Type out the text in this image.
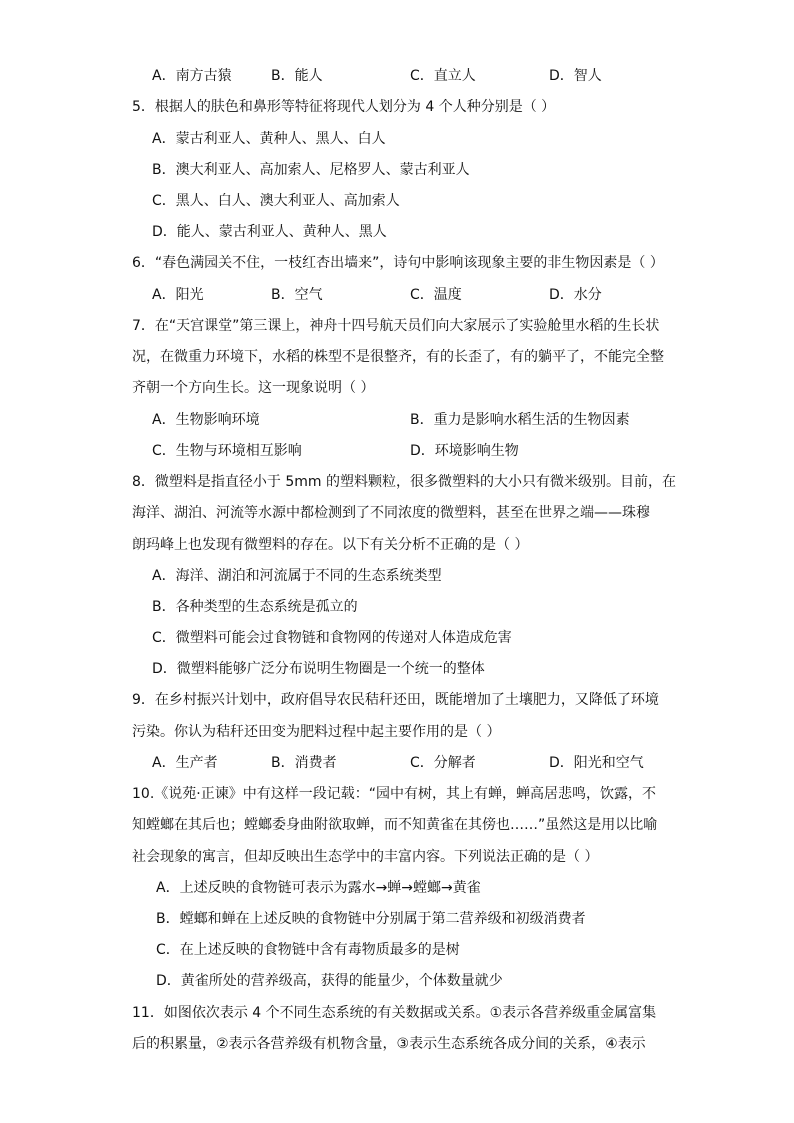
A．南方古猿	B．能人	C．直立人	D．智人
5．根据人的肤色和鼻形等特征将现代人划分为 4 个人种分别是（ ）
A．蒙古利亚人、黄种人、黑人、白人
B．澳大利亚人、高加索人、尼格罗人、蒙古利亚人
C．黑人、白人、澳大利亚人、高加索人
D．能人、蒙古利亚人、黄种人、黑人
6．“春色满园关不住，一枝红杏出墙来”，诗句中影响该现象主要的非生物因素是（ ）
A．阳光	B．空气	C．温度	D．水分
7．在“天宫课堂”第三课上，神舟十四号航天员们向大家展示了实验舱里水稻的生长状
况，在微重力环境下，水稻的株型不是很整齐，有的长歪了，有的躺平了，不能完全整
齐朝一个方向生长。这一现象说明（ ）
A．生物影响环境	B．重力是影响水稻生活的生物因素
C．生物与环境相互影响	D．环境影响生物
8．微塑料是指直径小于 5mm 的塑料颗粒，很多微塑料的大小只有微米级别。目前，在
海洋、湖泊、河流等水源中都检测到了不同浓度的微塑料，甚至在世界之端——珠穆
朗玛峰上也发现有微塑料的存在。以下有关分析不正确的是（ ）
A．海洋、湖泊和河流属于不同的生态系统类型
B．各种类型的生态系统是孤立的
C．微塑料可能会过食物链和食物网的传递对人体造成危害
D．微塑料能够广泛分布说明生物圈是一个统一的整体
9．在乡村振兴计划中，政府倡导农民秸秆还田，既能增加了土壤肥力，又降低了环境
污染。你认为秸秆还田变为肥料过程中起主要作用的是（ ）
A．生产者	B．消费者	C．分解者	D．阳光和空气
10.《说苑·正谏》中有这样一段记载：“园中有树，其上有蝉，蝉高居悲鸣，饮露，不
知螳螂在其后也；螳螂委身曲附欲取蝉，而不知黄雀在其傍也……”虽然这是用以比喻
社会现象的寓言，但却反映出生态学中的丰富内容。下列说法正确的是（ ）
A．上述反映的食物链可表示为露水→蝉→螳螂→黄雀
B．螳螂和蝉在上述反映的食物链中分别属于第二营养级和初级消费者
C．在上述反映的食物链中含有毒物质最多的是树
D．黄雀所处的营养级高，获得的能量少，个体数量就少
11．如图依次表示 4 个不同生态系统的有关数据或关系。①表示各营养级重金属富集
后的积累量，②表示各营养级有机物含量，③表示生态系统各成分间的关系，④表示
